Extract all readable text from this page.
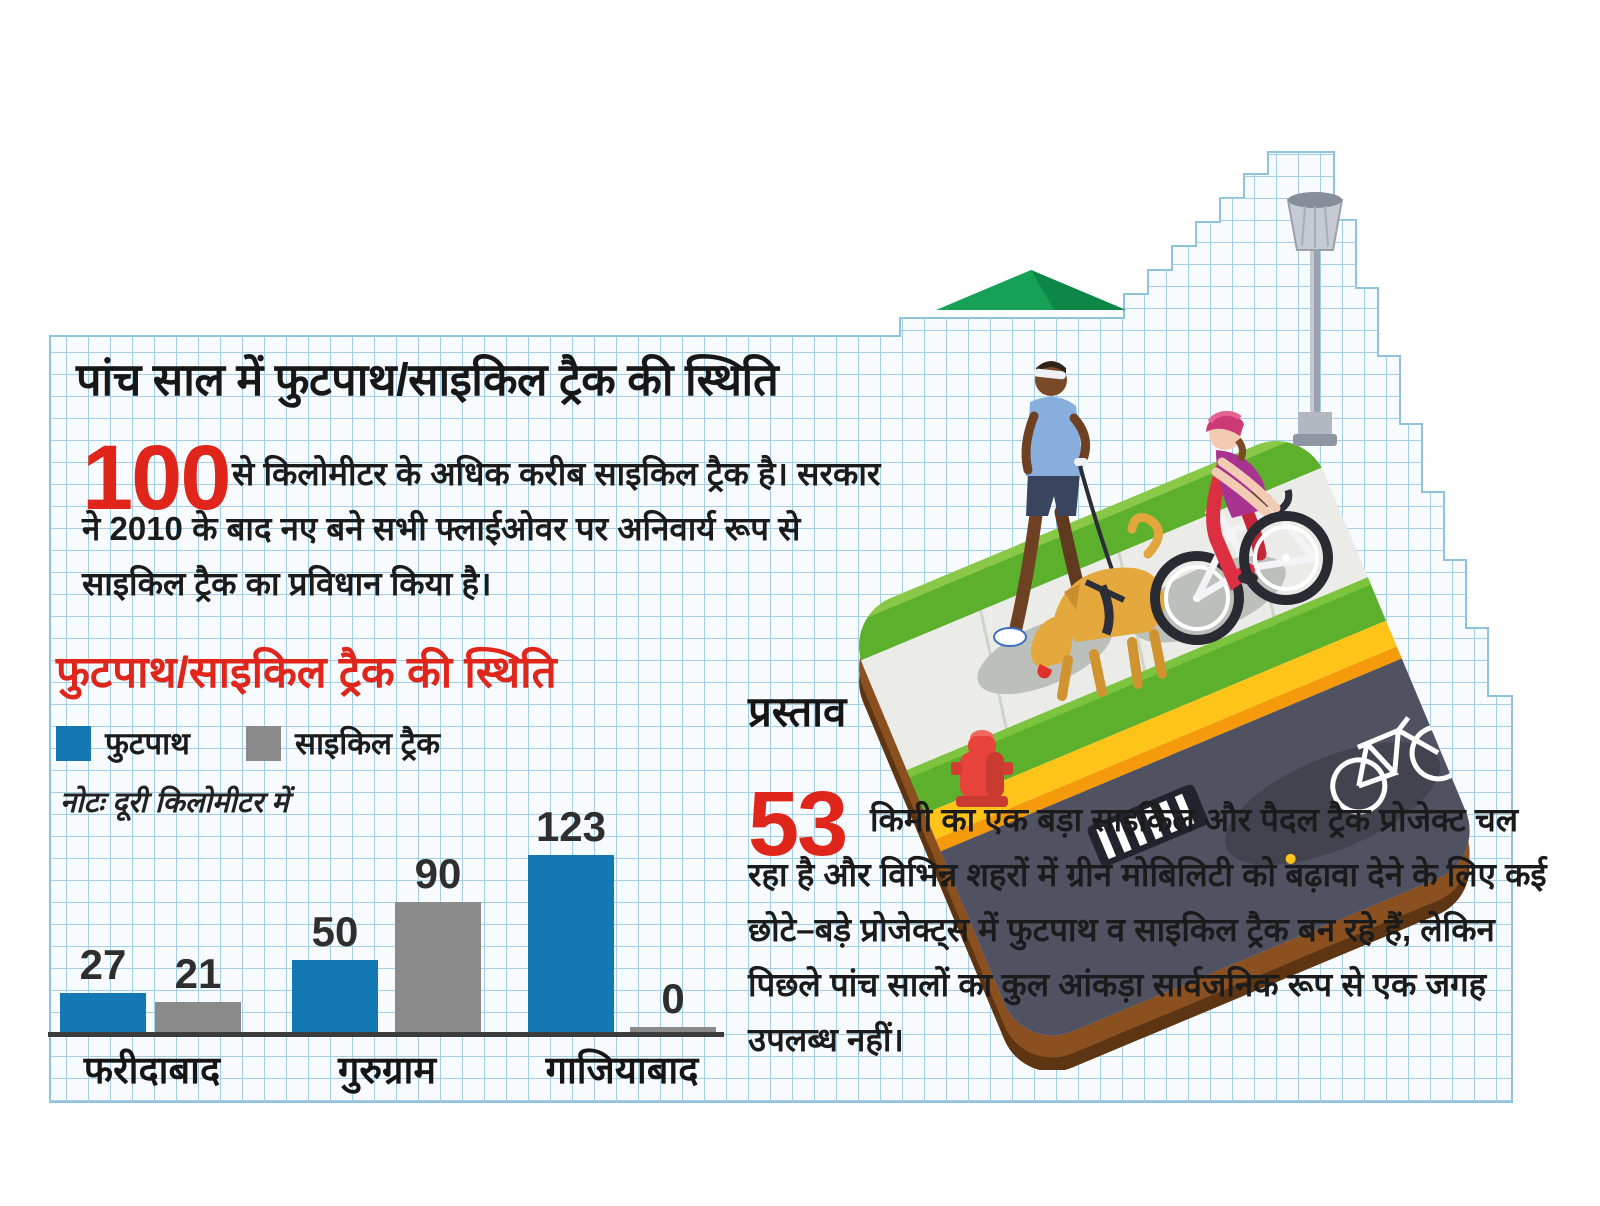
पांच साल में फुटपाथ/साइकिल ट्रैक की स्थिति
100 से किलोमीटर के अधिक करीब साइकिल ट्रैक है। सरकार ने 2010 के बाद नए बने सभी फ्लाईओवर पर अनिवार्य रूप से साइकिल ट्रैक का प्रविधान किया है।
फुटपाथ/साइकिल ट्रैक की स्थिति
फुटपाथ	साइकिल ट्रैक
नोटः दूरी किलोमीटर में
27	21
फरीदाबाद
50
90
गुरुग्राम
123
0
गाजियाबाद
प्रस्ताव
53 किमी का एक बड़ा साइकिल और पैदल ट्रैक प्रोजेक्ट चल रहा है और विभिन्न शहरों में ग्रीन मोबिलिटी को बढ़ावा देने के लिए कई छोटे–बड़े प्रोजेक्ट्स में फुटपाथ व साइकिल ट्रैक बन रहे हैं, लेकिन पिछले पांच सालों का कुल आंकड़ा सार्वजनिक रूप से एक जगह उपलब्ध नहीं।
